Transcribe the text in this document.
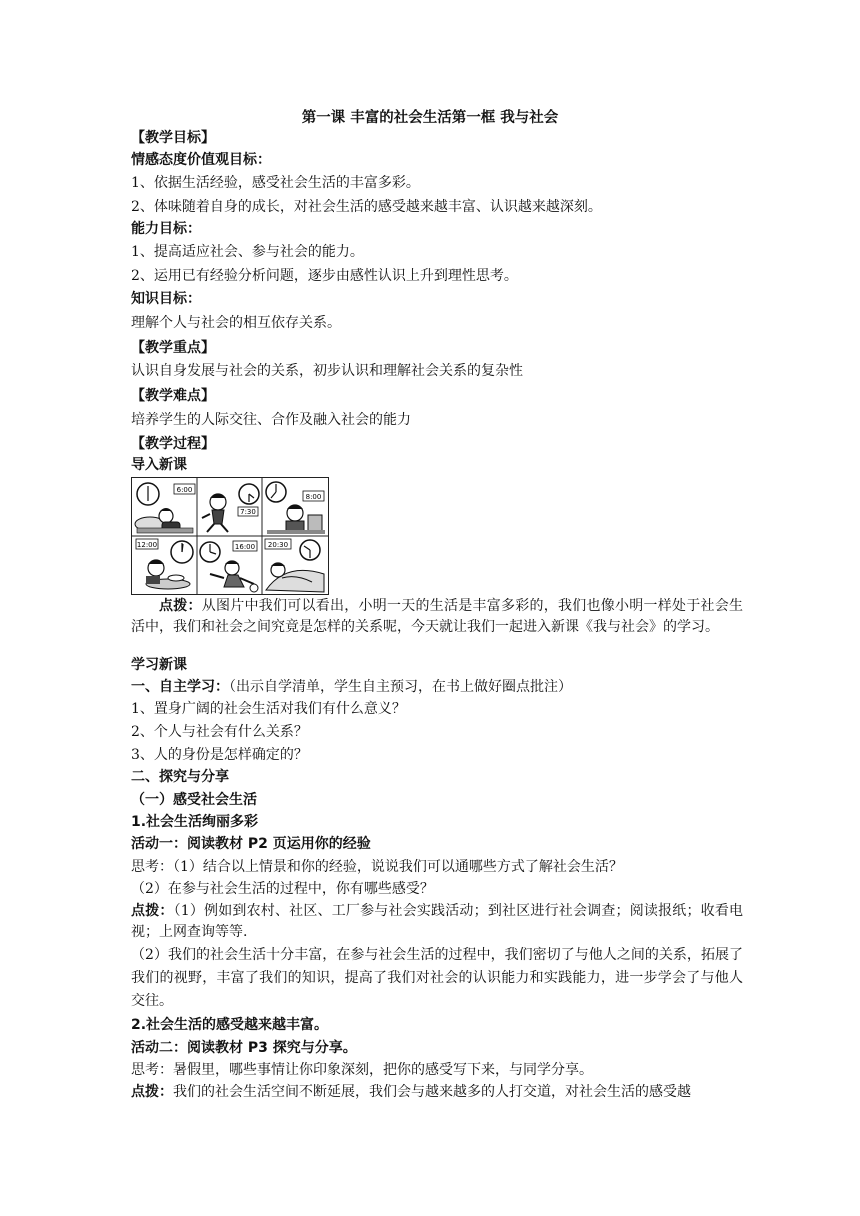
第一课 丰富的社会生活第一框 我与社会
【教学目标】
情感态度价值观目标：
1、依据生活经验，感受社会生活的丰富多彩。
2、体味随着自身的成长，对社会生活的感受越来越丰富、认识越来越深刻。
能力目标：
1、提高适应社会、参与社会的能力。
2、运用已有经验分析问题，逐步由感性认识上升到理性思考。
知识目标：
理解个人与社会的相互依存关系。
【教学重点】
认识自身发展与社会的关系，初步认识和理解社会关系的复杂性
【教学难点】
培养学生的人际交往、合作及融入社会的能力
【教学过程】
导入新课
6:00
7:30
8:00
12:00	16:00 20:30
点拨：从图片中我们可以看出，小明一天的生活是丰富多彩的，我们也像小明一样处于社会生活中，我们和社会之间究竟是怎样的关系呢，今天就让我们一起进入新课《我与社会》的学习。
学习新课
一、自主学习：（出示自学清单，学生自主预习，在书上做好圈点批注）
1、置身广阔的社会生活对我们有什么意义？
2、个人与社会有什么关系？
3、人的身份是怎样确定的？
二、探究与分享
（一）感受社会生活
1.社会生活绚丽多彩
活动一：阅读教材 P2 页运用你的经验
思考：（1）结合以上情景和你的经验，说说我们可以通哪些方式了解社会生活？
（2）在参与社会生活的过程中，你有哪些感受？
点拨：（1）例如到农村、社区、工厂参与社会实践活动；到社区进行社会调查；阅读报纸；收看电视；上网查询等等.
（2）我们的社会生活十分丰富，在参与社会生活的过程中，我们密切了与他人之间的关系，拓展了我们的视野，丰富了我们的知识，提高了我们对社会的认识能力和实践能力，进一步学会了与他人交往。
2.社会生活的感受越来越丰富。
活动二：阅读教材 P3 探究与分享。
思考：暑假里，哪些事情让你印象深刻，把你的感受写下来，与同学分享。
点拨：我们的社会生活空间不断延展，我们会与越来越多的人打交道，对社会生活的感受越
